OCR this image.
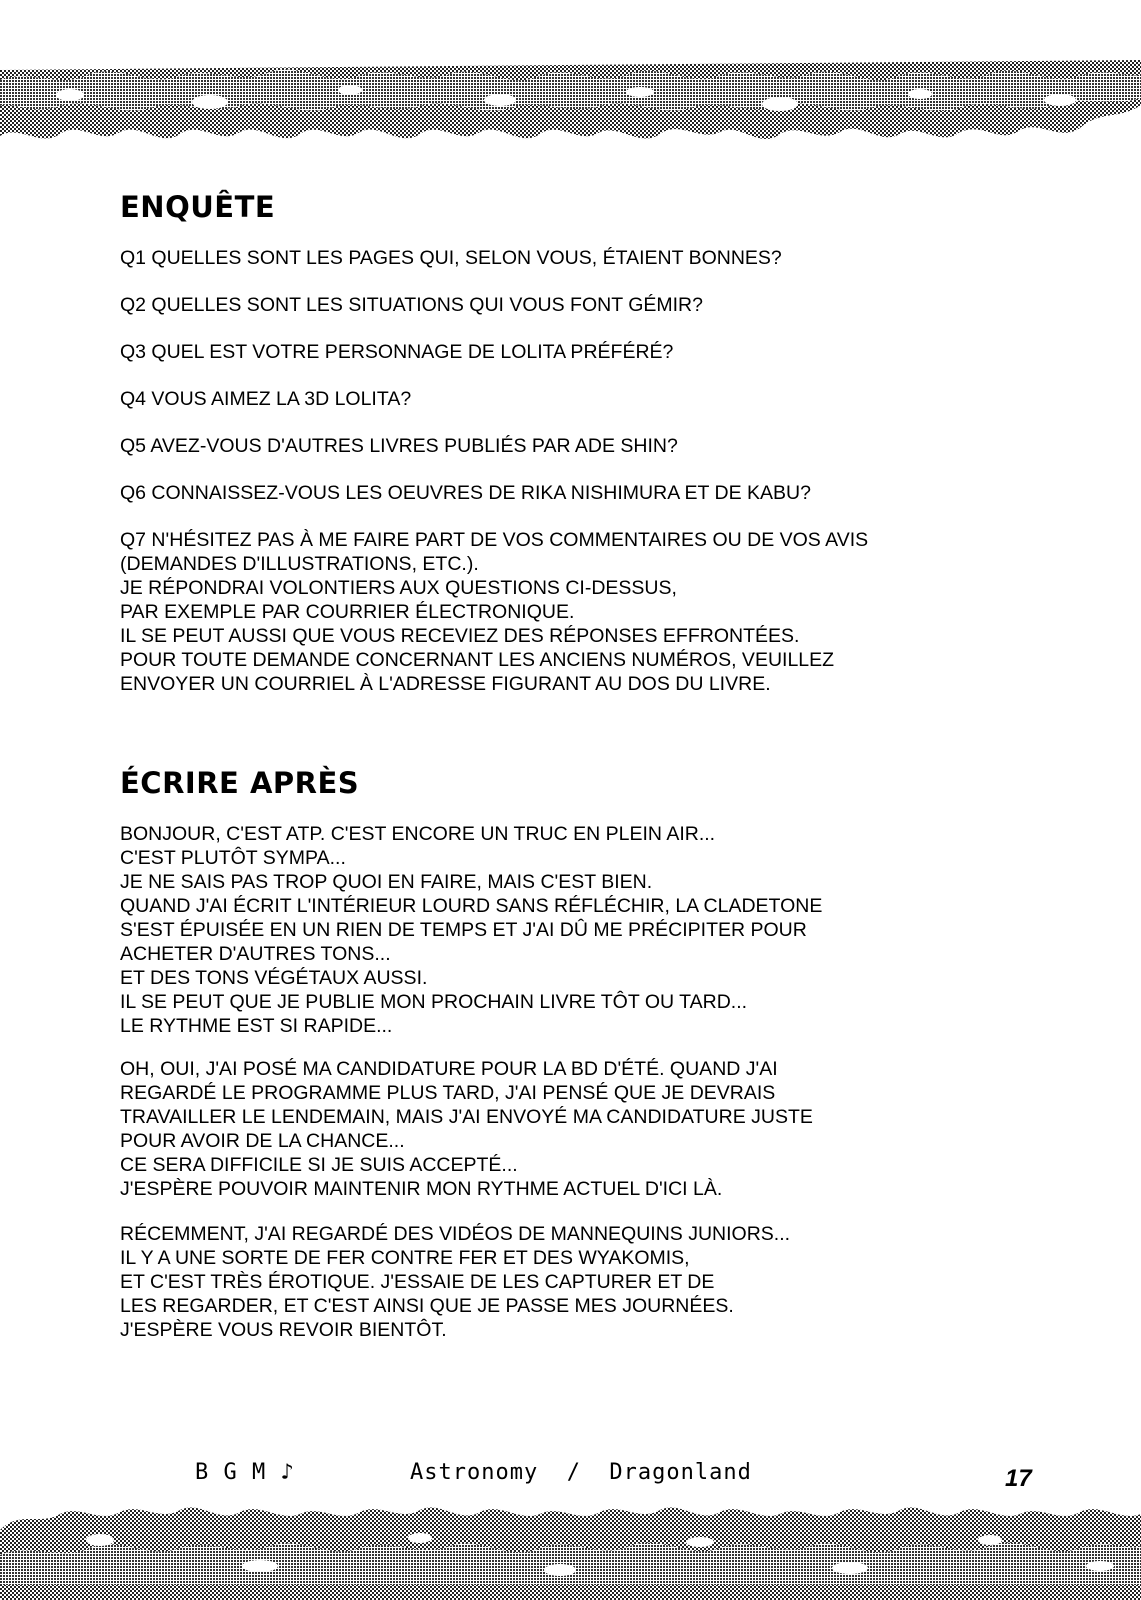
ENQUÊTE

Q1 QUELLES SONT LES PAGES QUI, SELON VOUS, ÉTAIENT BONNES?

Q2 QUELLES SONT LES SITUATIONS QUI VOUS FONT GÉMIR?

Q3 QUEL EST VOTRE PERSONNAGE DE LOLITA PRÉFÉRÉ?

Q4 VOUS AIMEZ LA 3D LOLITA?

Q5 AVEZ-VOUS D'AUTRES LIVRES PUBLIÉS PAR ADE SHIN?

Q6 CONNAISSEZ-VOUS LES OEUVRES DE RIKA NISHIMURA ET DE KABU?

Q7 N'HÉSITEZ PAS À ME FAIRE PART DE VOS COMMENTAIRES OU DE VOS AVIS
(DEMANDES D'ILLUSTRATIONS, ETC.).
JE RÉPONDRAI VOLONTIERS AUX QUESTIONS CI-DESSUS,
PAR EXEMPLE PAR COURRIER ÉLECTRONIQUE.
IL SE PEUT AUSSI QUE VOUS RECEVIEZ DES RÉPONSES EFFRONTÉES.
POUR TOUTE DEMANDE CONCERNANT LES ANCIENS NUMÉROS, VEUILLEZ
ENVOYER UN COURRIEL À L'ADRESSE FIGURANT AU DOS DU LIVRE.

ÉCRIRE APRÈS

BONJOUR, C'EST ATP. C'EST ENCORE UN TRUC EN PLEIN AIR...
C'EST PLUTÔT SYMPA...
JE NE SAIS PAS TROP QUOI EN FAIRE, MAIS C'EST BIEN.
QUAND J'AI ÉCRIT L'INTÉRIEUR LOURD SANS RÉFLÉCHIR, LA CLADETONE
S'EST ÉPUISÉE EN UN RIEN DE TEMPS ET J'AI DÛ ME PRÉCIPITER POUR
ACHETER D'AUTRES TONS...
ET DES TONS VÉGÉTAUX AUSSI.
IL SE PEUT QUE JE PUBLIE MON PROCHAIN LIVRE TÔT OU TARD...
LE RYTHME EST SI RAPIDE...

OH, OUI, J'AI POSÉ MA CANDIDATURE POUR LA BD D'ÉTÉ. QUAND J'AI
REGARDÉ LE PROGRAMME PLUS TARD, J'AI PENSÉ QUE JE DEVRAIS
TRAVAILLER LE LENDEMAIN, MAIS J'AI ENVOYÉ MA CANDIDATURE JUSTE
POUR AVOIR DE LA CHANCE...
CE SERA DIFFICILE SI JE SUIS ACCEPTÉ...
J'ESPÈRE POUVOIR MAINTENIR MON RYTHME ACTUEL D'ICI LÀ.

RÉCEMMENT, J'AI REGARDÉ DES VIDÉOS DE MANNEQUINS JUNIORS...
IL Y A UNE SORTE DE FER CONTRE FER ET DES WYAKOMIS,
ET C'EST TRÈS ÉROTIQUE. J'ESSAIE DE LES CAPTURER ET DE
LES REGARDER, ET C'EST AINSI QUE JE PASSE MES JOURNÉES.
J'ESPÈRE VOUS REVOIR BIENTÔT.

B G M ♪	Astronomy  /  Dragonland	17
